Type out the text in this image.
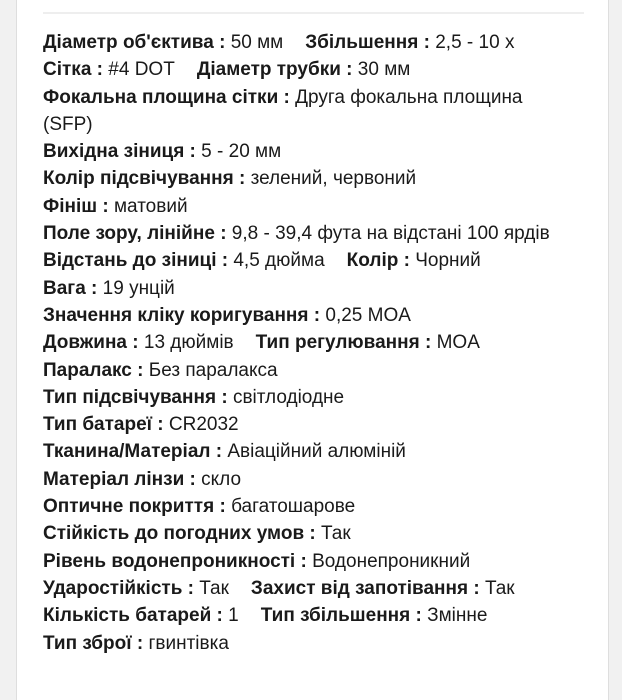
Діаметр об'єктива : 50 мм Збільшення : 2,5 - 10 x
Сітка : #4 DOT Діаметр трубки : 30 мм
Фокальна площина сітки : Друга фокальна площина (SFP)
Вихідна зіниця : 5 - 20 мм
Колір підсвічування : зелений, червоний
Фініш : матовий
Поле зору, лінійне : 9,8 - 39,4 фута на відстані 100 ярдів
Відстань до зіниці : 4,5 дюйма Колір : Чорний
Вага : 19 унцій
Значення кліку коригування : 0,25 MOA
Довжина : 13 дюймів Тип регулювання : MOA
Паралакс : Без паралакса
Тип підсвічування : світлодіодне
Тип батареї : CR2032
Тканина/Матеріал : Авіаційний алюміній
Матеріал лінзи : скло
Оптичне покриття : багатошарове
Стійкість до погодних умов : Так
Рівень водонепроникності : Водонепроникний
Ударостійкість : Так Захист від запотівання : Так
Кількість батарей : 1 Тип збільшення : Змінне
Тип зброї : гвинтівка
